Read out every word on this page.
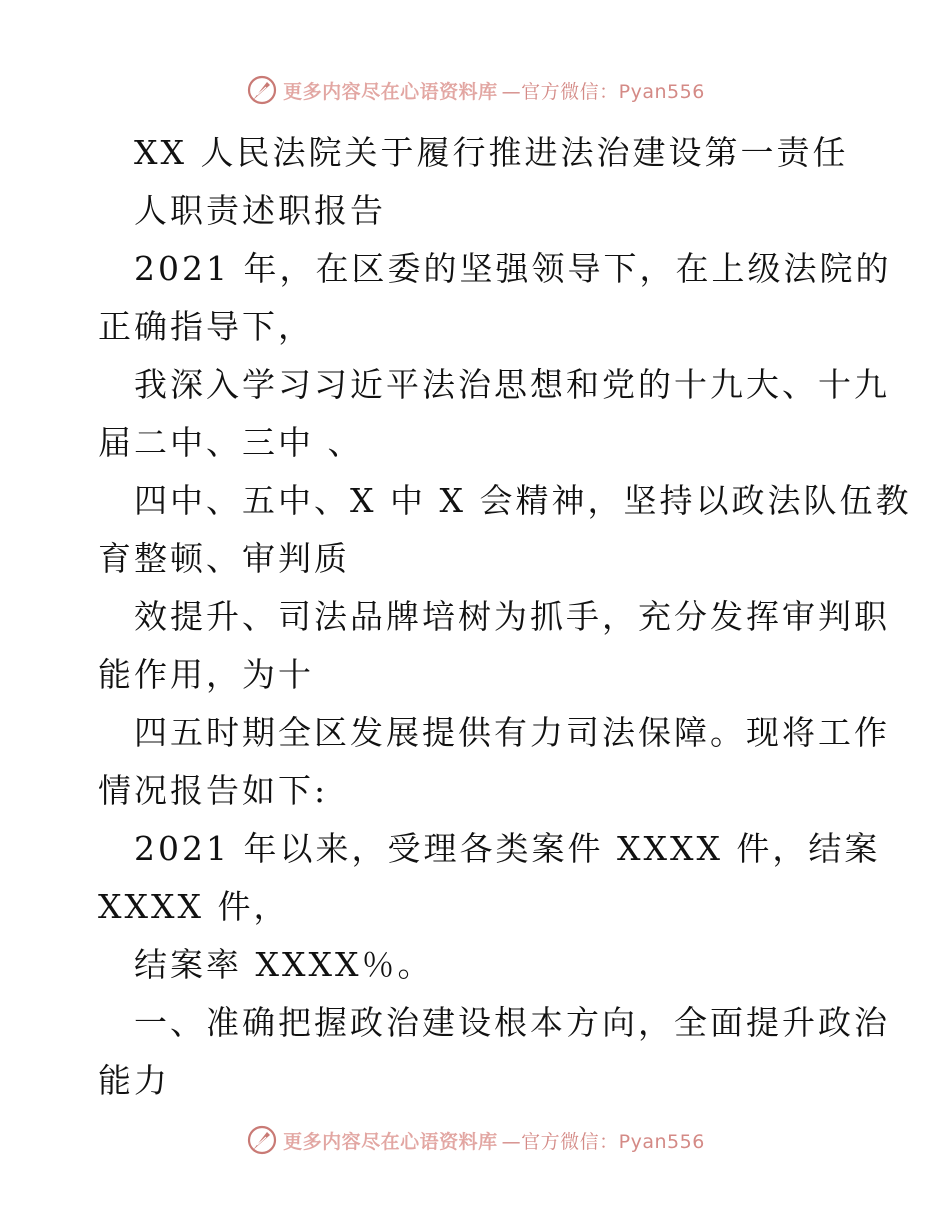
更多内容尽在心语资料库 —官方微信：Pyan556
XX 人民法院关于履行推进法治建设第一责任
人职责述职报告
2021 年，在区委的坚强领导下，在上级法院的
正确指导下，
我深入学习习近平法治思想和党的十九大、十九
届二中、三中 、
四中、五中、X 中 X 会精神，坚持以政法队伍教
育整顿、审判质
效提升、司法品牌培树为抓手，充分发挥审判职
能作用，为十
四五时期全区发展提供有力司法保障。现将工作
情况报告如下:
2021 年以来，受理各类案件 XXXX 件，结案
XXXX 件，
结案率 XXXX％。
一、准确把握政治建设根本方向，全面提升政治
能力
更多内容尽在心语资料库 —官方微信：Pyan556
